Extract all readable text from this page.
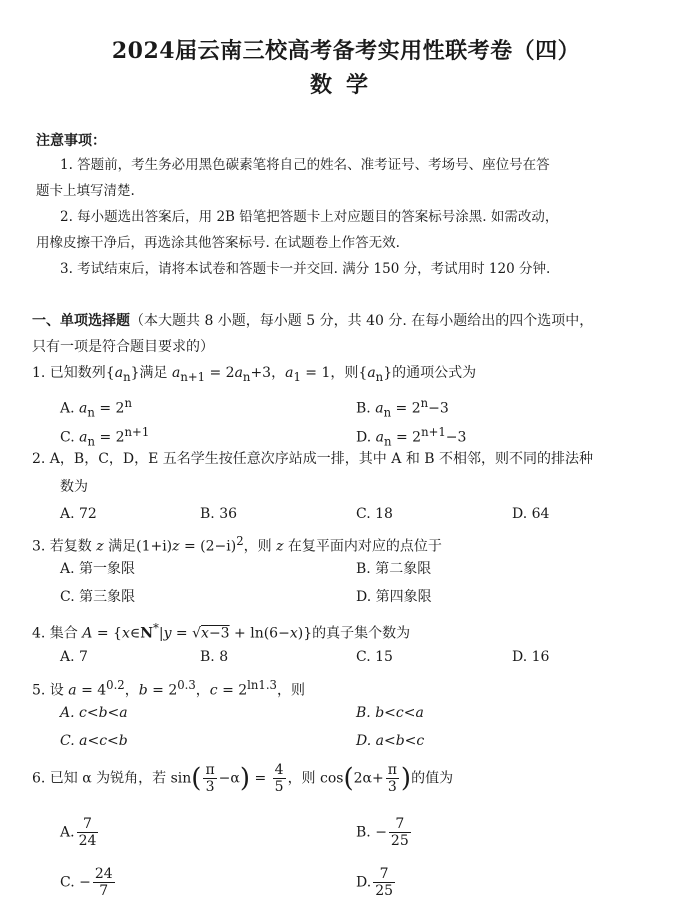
2024届云南三校高考备考实用性联考卷（四）
数学
注意事项：
1. 答题前，考生务必用黑色碳素笔将自己的姓名、准考证号、考场号、座位号在答
题卡上填写清楚.
2. 每小题选出答案后，用 2B 铅笔把答题卡上对应题目的答案标号涂黑. 如需改动，
用橡皮擦干净后，再选涂其他答案标号. 在试题卷上作答无效.
3. 考试结束后，请将本试卷和答题卡一并交回. 满分 150 分，考试用时 120 分钟.
一、单项选择题（本大题共 8 小题，每小题 5 分，共 40 分. 在每小题给出的四个选项中，
只有一项是符合题目要求的）
1. 已知数列$\{a_n\}$满足 $a_{n+1} = 2a_n+3$，$a_1 = 1$，则$\{a_n\}$的通项公式为
A. $a_n = 2^n$	B. $a_n = 2^n-3$
C. $a_n = 2^{n+1}$	D. $a_n = 2^{n+1}-3$
2. A，B，C，D，E 五名学生按任意次序站成一排，其中 A 和 B 不相邻，则不同的排法种
数为
A. 72	B. 36	C. 18	D. 64
3. 若复数 z 满足$(1+i)z = (2-i)^2$，则 z 在复平面内对应的点位于
A. 第一象限	B. 第二象限
C. 第三象限	D. 第四象限
4. 集合 A = {x∈N*|y = √x−3 + ln(6−x)}的真子集个数为
A. 7	B. 8	C. 15	D. 16
5. 设 $a = 4^{0.2}$，$b = 2^{0.3}$，$c = 2^{ln1.3}$，则
A. c<b<a	B. b<c<a
C. a<c<b	D. a<b<c
6. 已知 α 为锐角，若 $\sin( \frac{\pi}{3} -\alpha) = \frac{4}{5}$ ，则 $\cos(2\alpha+ \frac{\pi}{3}$ )的值为
A. $\frac{7}{24}$	B. − $\frac{7}{25}$
C. − $\frac{24}{7}$	D. $\frac{7}{25}$
